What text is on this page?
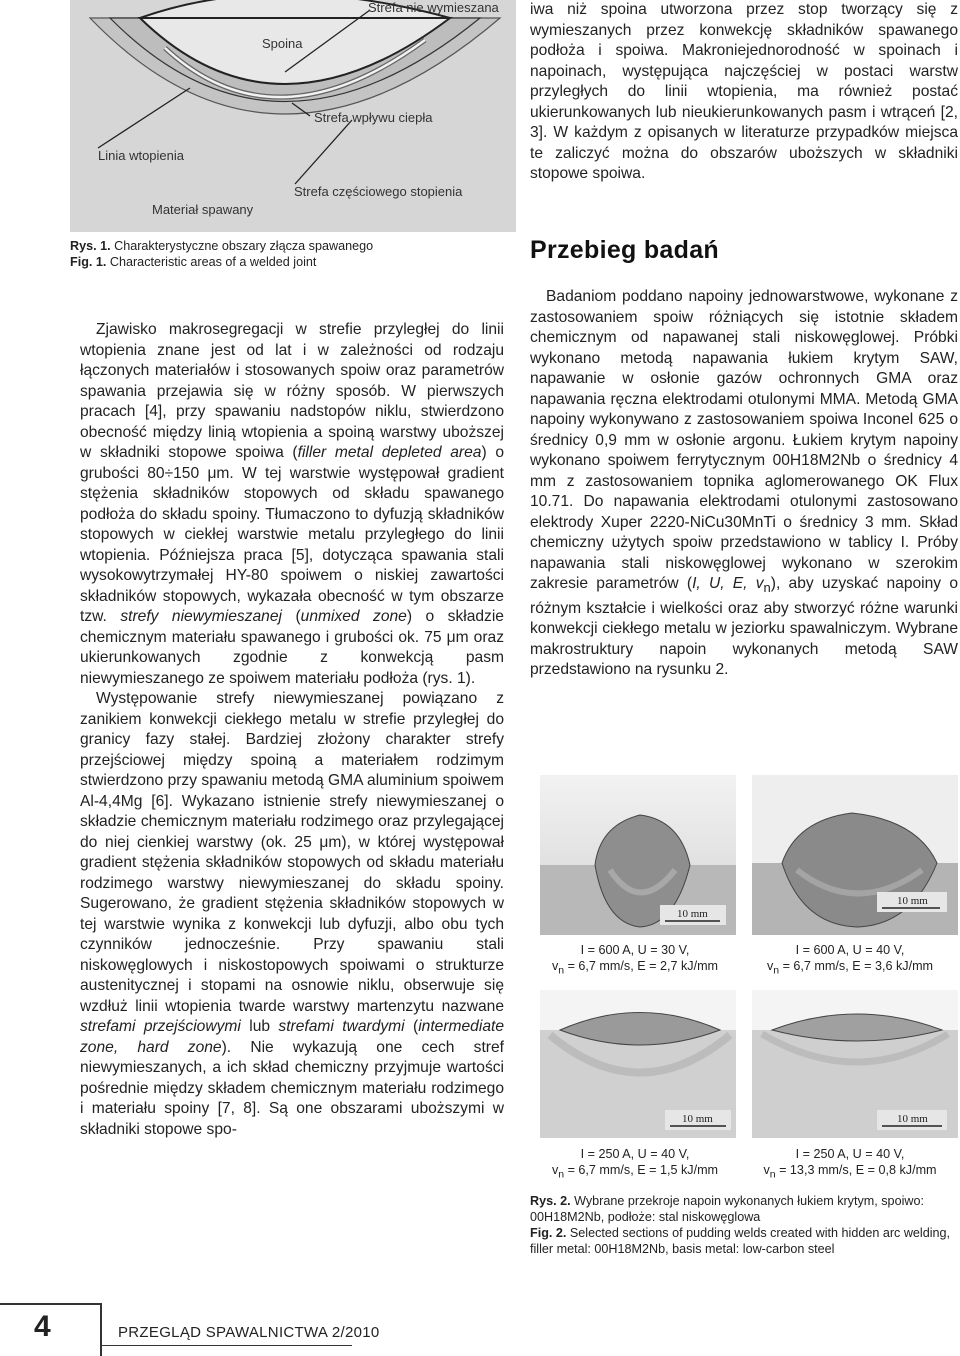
Strefa nie wymieszana
Spoina
Linia wtopienia
Strefa wpływu ciepła
Strefa częściowego stopienia
Materiał spawany
Rys. 1. Charakterystyczne obszary złącza spawanego
Fig. 1. Characteristic areas of a welded joint

Zjawisko makrosegregacji w strefie przyległej do linii wtopienia znane jest od lat i w zależności od rodzaju łączonych materiałów i stosowanych spoiw oraz parametrów spawania przejawia się w różny sposób. W pierwszych pracach [4], przy spawaniu nadstopów niklu, stwierdzono obecność między linią wtopienia a spoiną warstwy uboższej w składniki stopowe spoiwa (filler metal depleted area) o grubości 80÷150 μm. W tej warstwie występował gradient stężenia składników stopowych od składu spawanego podłoża do składu spoiny. Tłumaczono to dyfuzją składników stopowych w ciekłej warstwie metalu przyległego do linii wtopienia. Późniejsza praca [5], dotycząca spawania stali wysokowytrzymałej HY-80 spoiwem o niskiej zawartości składników stopowych, wykazała obecność w tym obszarze tzw. strefy niewymieszanej (unmixed zone) o składzie chemicznym materiału spawanego i grubości ok. 75 μm oraz ukierunkowanych zgodnie z konwekcją pasm niewymieszanego ze spoiwem materiału podłoża (rys. 1).

Występowanie strefy niewymieszanej powiązano z zanikiem konwekcji ciekłego metalu w strefie przyległej do granicy fazy stałej. Bardziej złożony charakter strefy przejściowej między spoiną a materiałem rodzimym stwierdzono przy spawaniu metodą GMA aluminium spoiwem Al-4,4Mg [6]. Wykazano istnienie strefy niewymieszanej o składzie chemicznym materiału rodzimego oraz przylegającej do niej cienkiej warstwy (ok. 25 μm), w której występował gradient stężenia składników stopowych od składu materiału rodzimego warstwy niewymieszanej do składu spoiny. Sugerowano, że gradient stężenia składników stopowych w tej warstwie wynika z konwekcji lub dyfuzji, albo obu tych czynników jednocześnie. Przy spawaniu stali niskowęglowych i niskostopowych spoiwami o strukturze austenitycznej i stopami na osnowie niklu, obserwuje się wzdłuż linii wtopienia twarde warstwy martenzytu nazwane strefami przejściowymi lub strefami twardymi (intermediate zone, hard zone). Nie wykazują one cech stref niewymieszanych, a ich skład chemiczny przyjmuje wartości pośrednie między składem chemicznym materiału rodzimego i materiału spoiny [7, 8]. Są one obszarami uboższymi w składniki stopowe spo-

iwa niż spoina utworzona przez stop tworzący się z wymieszanych przez konwekcję składników spawanego podłoża i spoiwa. Makroniejednorodność w spoinach i napoinach, występująca najczęściej w postaci warstw przyległych do linii wtopienia, ma również postać ukierunkowanych lub nieukierunkowanych pasm i wtrąceń [2, 3]. W każdym z opisanych w literaturze przypadków miejsca te zaliczyć można do obszarów uboższych w składniki stopowe spoiwa.
Przebieg badań

Badaniom poddano napoiny jednowarstwowe, wykonane z zastosowaniem spoiw różniących się istotnie składem chemicznym od napawanej stali niskowęglowej. Próbki wykonano metodą napawania łukiem krytym SAW, napawanie w osłonie gazów ochronnych GMA oraz napawania ręczna elektrodami otulonymi MMA. Metodą GMA napoiny wykonywano z zastosowaniem spoiwa Inconel 625 o średnicy 0,9 mm w osłonie argonu. Łukiem krytym napoiny wykonano spoiwem ferrytycznym 00H18M2Nb o średnicy 4 mm z zastosowaniem topnika aglomerowanego OK Flux 10.71. Do napawania elektrodami otulonymi zastosowano elektrody Xuper 2220-NiCu30MnTi o średnicy 3 mm. Skład chemiczny użytych spoiw przedstawiono w tablicy I. Próby napawania stali niskowęglowej wykonano w szerokim zakresie parametrów (I, U, E, $v_n$), aby uzyskać napoiny o różnym kształcie i wielkości oraz aby stworzyć różne warunki konwekcji ciekłego metalu w jeziorku spawalniczym. Wybrane makrostruktury napoin wykonanych metodą SAW przedstawiono na rysunku 2.

10 mm
10 mm
10 mm	10 mm
I = 600 A, U = 30 V,
$v_n = 6,7$ mm/s, E = 2,7 kJ/mm
I = 600 A, U = 40 V,
$v_n = 6,7$ mm/s, E = 3,6 kJ/mm
I = 250 A, U = 40 V,
$v_n = 6,7$ mm/s, E = 1,5 kJ/mm
I = 250 A, U = 40 V,
$v_n = 13,3$ mm/s, E = 0,8 kJ/mm
Rys. 2. Wybrane przekroje napoin wykonanych łukiem krytym, spoiwo: 00H18M2Nb, podłoże: stal niskowęglowa
Fig. 2. Selected sections of pudding welds created with hidden arc welding, filler metal: 00H18M2Nb, basis metal: low-carbon steel
4	PRZEGLĄD SPAWALNICTWA 2/2010
